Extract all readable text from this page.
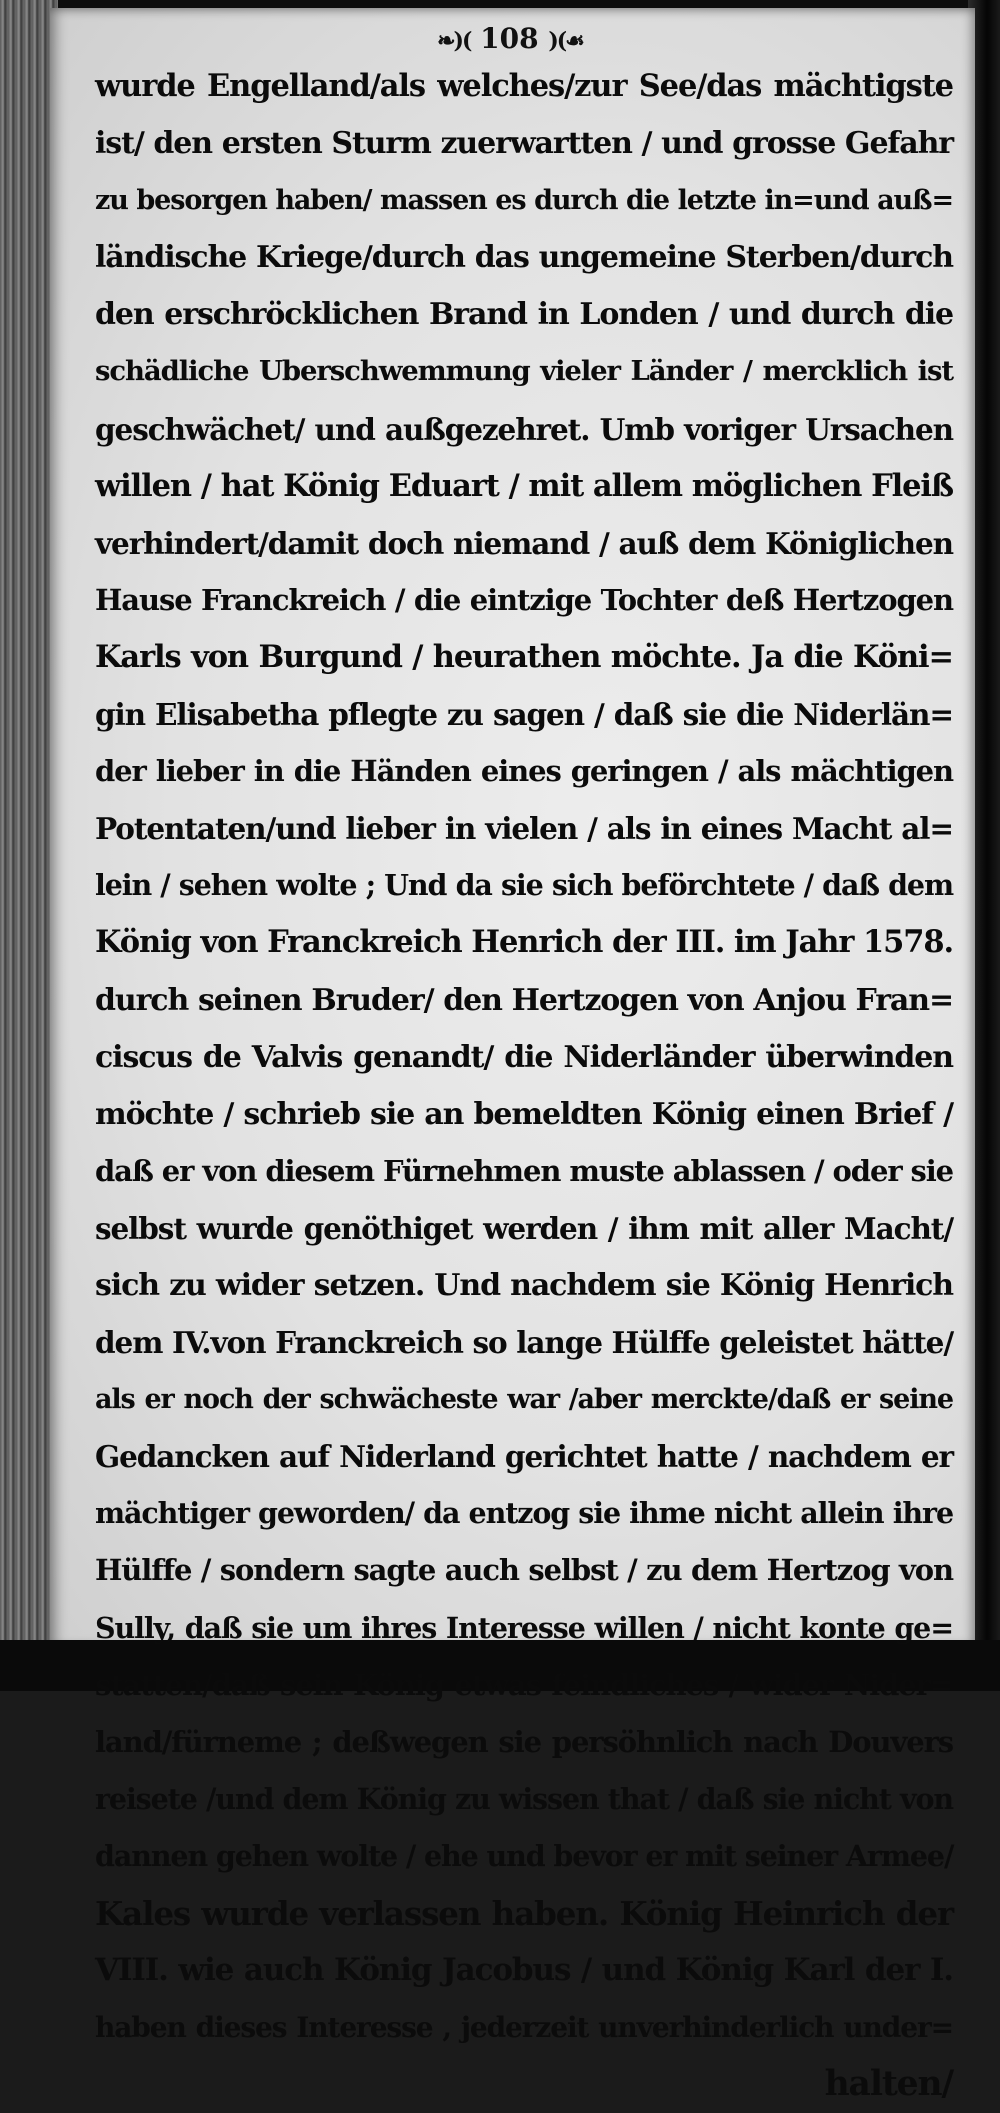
❧)( 108 )(☙
wurde Engelland/als welches/zur See/das mächtigste
ist/ den ersten Sturm zuerwartten / und grosse Gefahr
zu besorgen haben/ massen es durch die letzte in=und auß=
ländische Kriege/durch das ungemeine Sterben/durch
den erschröcklichen Brand in Londen / und durch die
schädliche Uberschwemmung vieler Länder / mercklich ist
geschwächet/ und außgezehret. Umb voriger Ursachen
willen / hat König Eduart / mit allem möglichen Fleiß
verhindert/damit doch niemand / auß dem Königlichen
Hause Franckreich / die eintzige Tochter deß Hertzogen
Karls von Burgund / heurathen möchte. Ja die Köni=
gin Elisabetha pflegte zu sagen / daß sie die Niderlän=
der lieber in die Händen eines geringen / als mächtigen
Potentaten/und lieber in vielen / als in eines Macht al=
lein / sehen wolte ; Und da sie sich beförchtete / daß dem
König von Franckreich Henrich der III. im Jahr 1578.
durch seinen Bruder/ den Hertzogen von Anjou Fran=
ciscus de Valvis genandt/ die Niderländer überwinden
möchte / schrieb sie an bemeldten König einen Brief /
daß er von diesem Fürnehmen muste ablassen / oder sie
selbst wurde genöthiget werden / ihm mit aller Macht/
sich zu wider setzen. Und nachdem sie König Henrich
dem IV.von Franckreich so lange Hülffe geleistet hätte/
als er noch der schwächeste war /aber merckte/daß er seine
Gedancken auf Niderland gerichtet hatte / nachdem er
mächtiger geworden/ da entzog sie ihme nicht allein ihre
Hülffe / sondern sagte auch selbst / zu dem Hertzog von
Sully, daß sie um ihres Interesse willen / nicht konte ge=
statten/daß sein König etwas feindliches / wider Nider=
land/fürneme ; deßwegen sie persöhnlich nach Douvers
reisete /und dem König zu wissen that / daß sie nicht von
dannen gehen wolte / ehe und bevor er mit seiner Armee/
Kales wurde verlassen haben. König Heinrich der
VIII. wie auch König Jacobus / und König Karl der I.
haben dieses Interesse , jederzeit unverhinderlich under=
halten/
